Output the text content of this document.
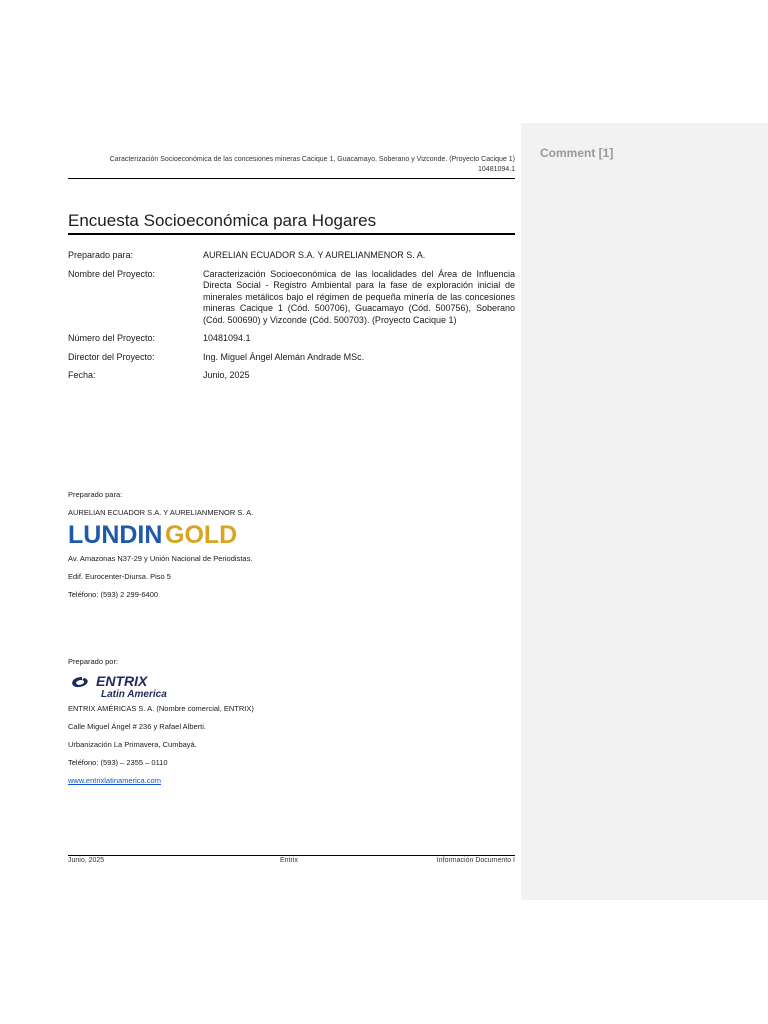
Comment [1]
Caracterización Socioeconómica de las concesiones mineras Cacique 1, Guacamayo, Soberano y Vizconde. (Proyecto Cacique 1)
10481094.1
Encuesta Socioeconómica para Hogares
Preparado para:	AURELIAN ECUADOR S.A. Y AURELIANMENOR S. A.
Nombre del Proyecto:	Caracterización Socioeconómica de las localidades del Área de Influencia Directa Social - Registro Ambiental para la fase de exploración inicial de minerales metálicos bajo el régimen de pequeña minería de las concesiones mineras Cacique 1 (Cód. 500706), Guacamayo (Cód. 500756), Soberano (Cód. 500690) y Vizconde (Cód. 500703). (Proyecto Cacique 1)
Número del Proyecto:	10481094.1
Director del Proyecto:	Ing. Miguel Ángel Alemán Andrade MSc.
Fecha:	Junio, 2025
Preparado para:
AURELIAN ECUADOR S.A. Y AURELIANMENOR S. A.
LUNDIN GOLD
Av. Amazonas N37-29 y Unión Nacional de Periodistas.
Edif. Eurocenter-Diursa. Piso 5
Teléfono: (593) 2 299-6400
Preparado por:
ENTRIX
Latin America
ENTRIX AMÉRICAS S. A. (Nombre comercial, ENTRIX)
Calle Miguel Ángel # 236 y Rafael Alberti.
Urbanización La Primavera, Cumbayá.
Teléfono: (593) – 2355 – 0110
www.entrixlatinamerica.com
Junio, 2025	Entrix	Información Documento I
